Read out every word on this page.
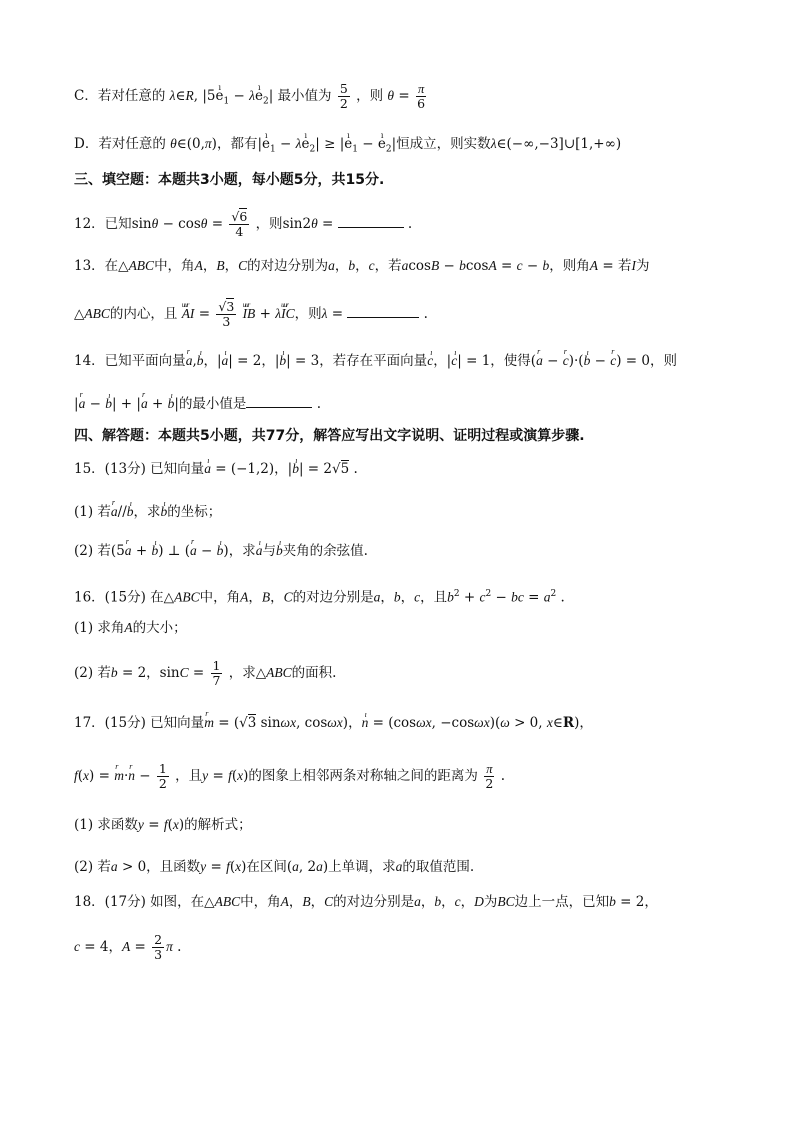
C．若对任意的 λ∈R, |5ı $e_1$ − λı $e_2|$ 最小值为 $\frac{5}{2}$ ，则 $\theta = \frac{\pi}{6}$
D．若对任意的 θ∈(0,π)，都有|ı $e_1$ − λı $e_2|$ ≥ |ı $e_1$ − ı $e_2|$恒成立，则实数λ∈(−∞,−3]∪[1,+∞)
三、填空题：本题共3小题，每小题5分，共15分.
12．已知$\sin\theta - \cos\theta = \frac{√6}{4}$ ，则sin2θ =	.
13．在△ABC中，角A，B，C的对边分别为a，b，c，若acosB − bcosA = c − b，则角A = 若I为
△ABC的内心，且 uur AI = $\frac{√3}{3}$ uur IB + λuur IC，则λ =	.
14．已知平面向量r a,ı b，|ı a| = 2，|ı b| = 3，若存在平面向量ı c，|ı c| = 1，使得(r a − r c)·(ı b − r c) = 0，则
|r a − ı b| + |r a + ı b|的最小值是	.
四、解答题：本题共5小题，共77分，解答应写出文字说明、证明过程或演算步骤.
15．(13分) 已知向量ı a = (−1,2)，|ı b| = 2√5 .
(1) 若r a//ı b，求ı b的坐标；
(2) 若(5r a + ı b) ⊥ (r a − ı b)，求ı a与ı b夹角的余弦值.
16．(15分) 在△ABC中，角A，B，C的对边分别是a，b，c，且$b^2 + c^2$ − bc = $a^2$ .
(1) 求角A的大小；
(2) 若b = 2，$\sin C = \frac{1}{7}$ ，求△ABC的面积.
17．(15分) 已知向量r m = (√3 sinωx, cosωx)，ı n = (cosωx, −cosωx)(ω > 0, x∈R)，
f(x) = r m·r $n - \frac{1}{2}$ ，且y = f(x)的图象上相邻两条对称轴之间的距离为 $\frac{\pi}{2}$ .
(1) 求函数y = f(x)的解析式；
(2) 若a > 0，且函数y = f(x)在区间(a, 2a)上单调，求a的取值范围.
18．(17分) 如图，在△ABC中，角A，B，C的对边分别是a，b，c，D为BC边上一点，已知b = 2，
c = 4，$A = \frac{2}{3}$ π .
